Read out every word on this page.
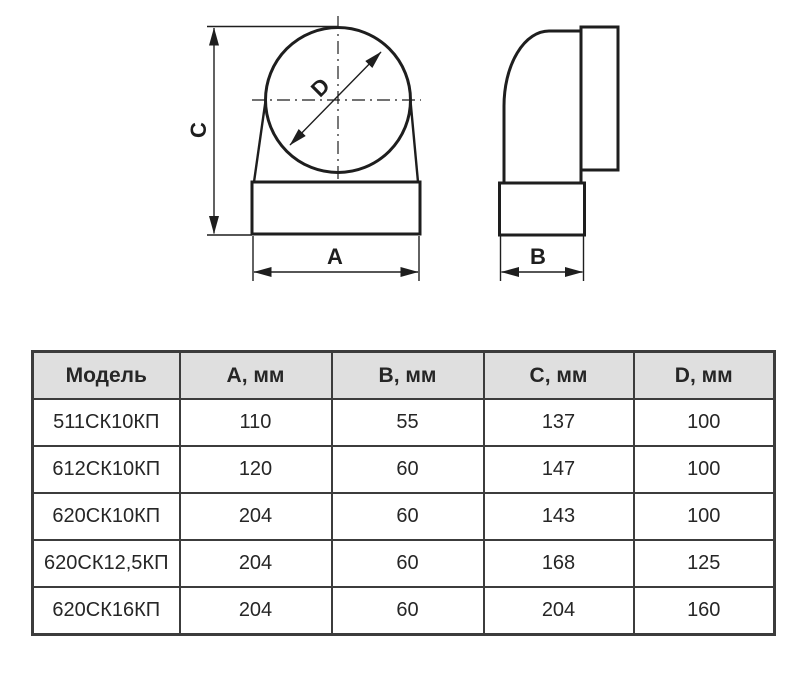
C
A
D
B
Модель	A, мм	B, мм	C, мм	D, мм
511СК10КП	110	55	137	100
612СК10КП	120	60	147	100
620СК10КП	204	60	143	100
620СК12,5КП	204	60	168	125
620СК16КП	204	60	204	160
